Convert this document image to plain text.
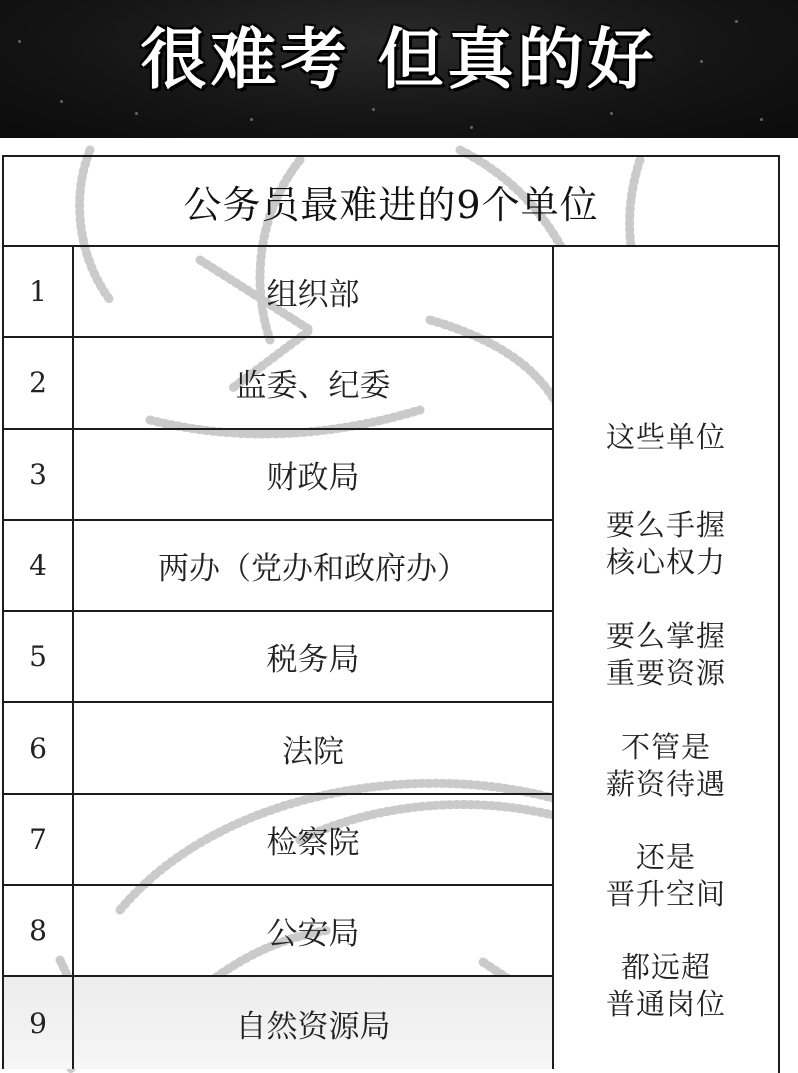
很难考 但真的好
公务员最难进的9个单位
1	组织部
2	监委、纪委
3	财政局
4	两办（党办和政府办）
5	税务局
6	法院
7	检察院
8	公安局
9	自然资源局
这些单位
要么手握
核心权力
要么掌握
重要资源
不管是
薪资待遇
还是
晋升空间
都远超
普通岗位
